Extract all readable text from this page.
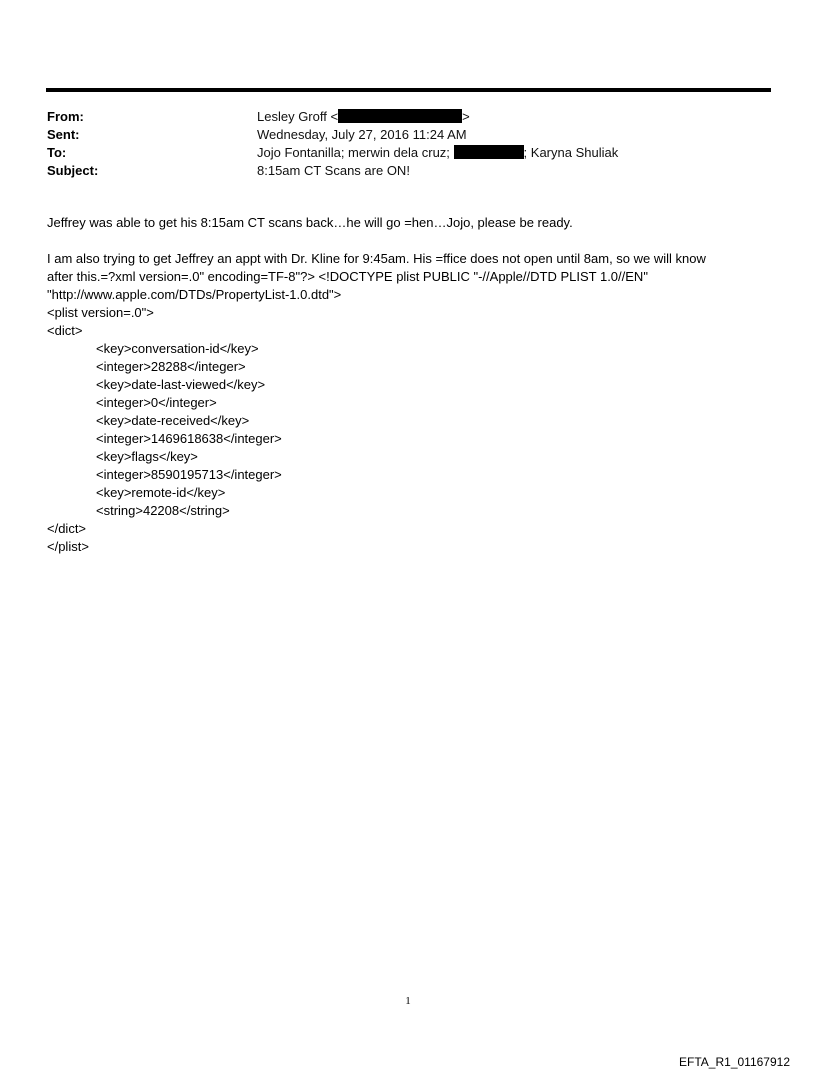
From:	Lesley Groff <	>
Sent:	Wednesday, July 27, 2016 11:24 AM
To:	Jojo Fontanilla; merwin dela cruz;	; Karyna Shuliak
Subject:	8:15am CT Scans are ON!

Jeffrey was able to get his 8:15am CT scans back…he will go =hen…Jojo, please be ready.

I am also trying to get Jeffrey an appt with Dr. Kline for 9:45am. His =ffice does not open until 8am, so we will know

after this.=?xml version=.0" encoding=TF-8"?> <!DOCTYPE plist PUBLIC "-//Apple//DTD PLIST 1.0//EN"

"http://www.apple.com/DTDs/PropertyList-1.0.dtd">

<plist version=.0">

<dict>

<key>conversation-id</key>

<integer>28288</integer>

<key>date-last-viewed</key>

<integer>0</integer>

<key>date-received</key>

<integer>1469618638</integer>

<key>flags</key>

<integer>8590195713</integer>

<key>remote-id</key>

<string>42208</string>

</dict>

</plist>

1
EFTA_R1_01167912
